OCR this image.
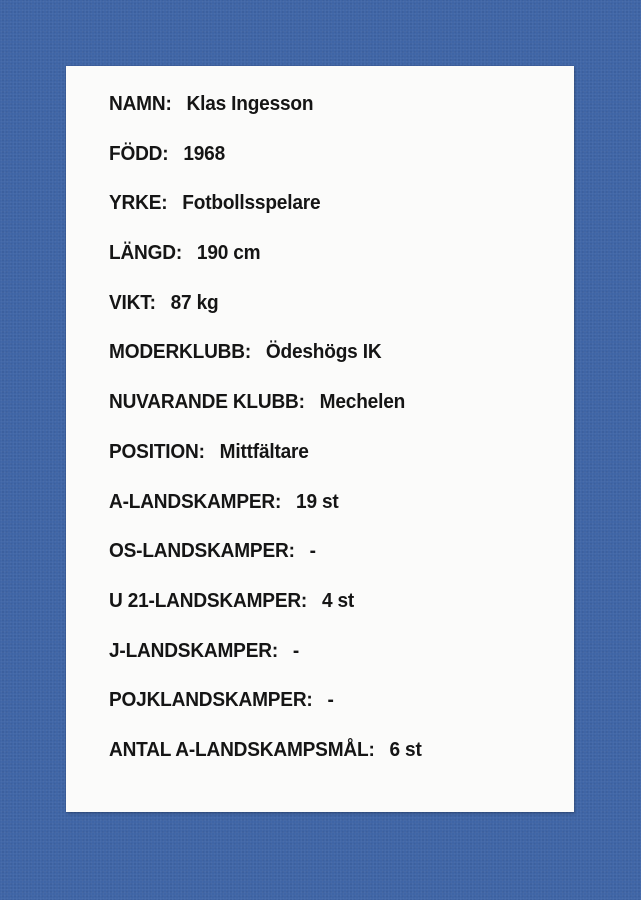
NAMN: Klas Ingesson
FÖDD: 1968
YRKE: Fotbollsspelare
LÄNGD: 190 cm
VIKT: 87 kg
MODERKLUBB: Ödeshögs IK
NUVARANDE KLUBB: Mechelen
POSITION: Mittfältare
A-LANDSKAMPER: 19 st
OS-LANDSKAMPER: -
U 21-LANDSKAMPER: 4 st
J-LANDSKAMPER: -
POJKLANDSKAMPER: -
ANTAL A-LANDSKAMPSMÅL: 6 st
